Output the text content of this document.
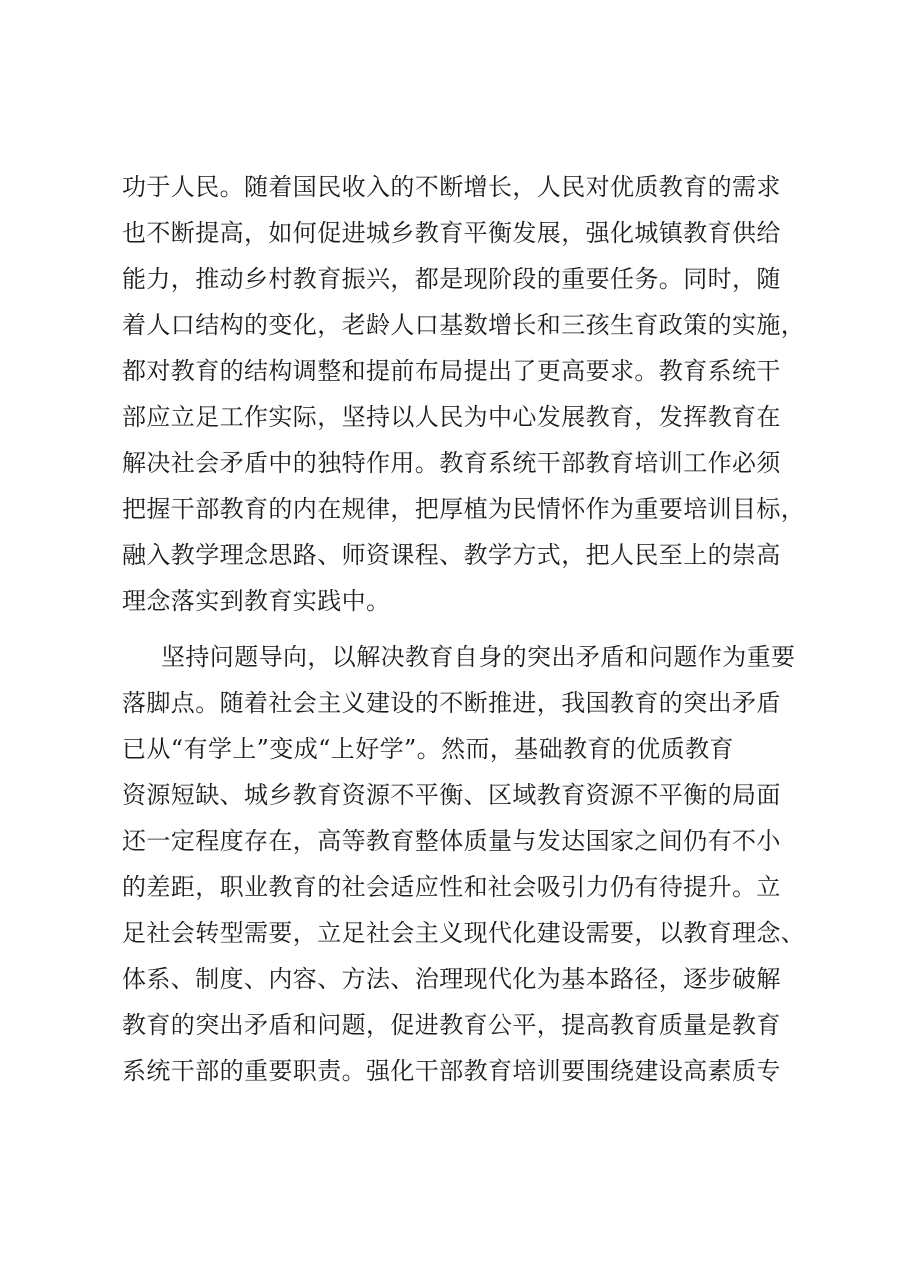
功于人民。随着国民收入的不断增长，人民对优质教育的需求
也不断提高，如何促进城乡教育平衡发展，强化城镇教育供给
能力，推动乡村教育振兴，都是现阶段的重要任务。同时，随
着人口结构的变化，老龄人口基数增长和三孩生育政策的实施，
都对教育的结构调整和提前布局提出了更高要求。教育系统干
部应立足工作实际，坚持以人民为中心发展教育，发挥教育在
解决社会矛盾中的独特作用。教育系统干部教育培训工作必须
把握干部教育的内在规律，把厚植为民情怀作为重要培训目标，
融入教学理念思路、师资课程、教学方式，把人民至上的崇高
理念落实到教育实践中。
坚持问题导向，以解决教育自身的突出矛盾和问题作为重要
落脚点。随着社会主义建设的不断推进，我国教育的突出矛盾
已从“有学上”变成“上好学”。然而，基础教育的优质教育
资源短缺、城乡教育资源不平衡、区域教育资源不平衡的局面
还一定程度存在，高等教育整体质量与发达国家之间仍有不小
的差距，职业教育的社会适应性和社会吸引力仍有待提升。立
足社会转型需要，立足社会主义现代化建设需要，以教育理念、
体系、制度、内容、方法、治理现代化为基本路径，逐步破解
教育的突出矛盾和问题，促进教育公平，提高教育质量是教育
系统干部的重要职责。强化干部教育培训要围绕建设高素质专
